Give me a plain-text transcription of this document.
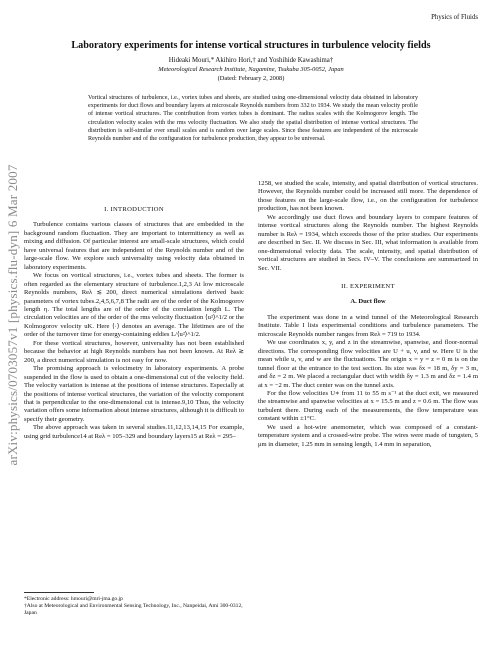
Physics of Fluids
Laboratory experiments for intense vortical structures in turbulence velocity fields
Hideaki Mouri,* Akihiro Hori,† and Yoshihide Kawashima†
Meteorological Research Institute, Nagamine, Tsukuba 305-0052, Japan
(Dated: February 2, 2008)
Vortical structures of turbulence, i.e., vortex tubes and sheets, are studied using one-dimensional velocity data obtained in laboratory experiments for duct flows and boundary layers at microscale Reynolds numbers from 332 to 1934. We study the mean velocity profile of intense vortical structures. The contribution from vortex tubes is dominant. The radius scales with the Kolmogorov length. The circulation velocity scales with the rms velocity fluctuation. We also study the spatial distribution of intense vortical structures. The distribution is self-similar over small scales and is random over large scales. Since these features are independent of the microscale Reynolds number and of the configuration for turbulence production, they appear to be universal.
arXiv:physics/0703057v1 [physics.flu-dyn] 6 Mar 2007	I. INTRODUCTION

Turbulence contains various classes of structures that are embedded in the background random fluctuation. They are important to intermittency as well as mixing and diffusion. Of particular interest are small-scale structures, which could have universal features that are independent of the Reynolds number and of the large-scale flow. We explore such universality using velocity data obtained in laboratory experiments.

We focus on vortical structures, i.e., vortex tubes and sheets. The former is often regarded as the elementary structure of turbulence.1,2,3 At low microscale Reynolds numbers, Reλ ≲ 200, direct numerical simulations derived basic parameters of vortex tubes.2,4,5,6,7,8 The radii are of the order of the Kolmogorov length η. The total lengths are of the order of the correlation length L. The circulation velocities are of the order of the rms velocity fluctuation ⟨u²⟩^1/2 or the Kolmogorov velocity uK. Here ⟨·⟩ denotes an average. The lifetimes are of the order of the turnover time for energy-containing eddies L/⟨u²⟩^1/2.

For these vortical structures, however, universality has not been established because the behavior at high Reynolds numbers has not been known. At Reλ ≳ 200, a direct numerical simulation is not easy for now.

The promising approach is velocimetry in laboratory experiments. A probe suspended in the flow is used to obtain a one-dimensional cut of the velocity field. The velocity variation is intense at the positions of intense structures. Especially at the positions of intense vortical structures, the variation of the velocity component that is perpendicular to the one-dimensional cut is intense.9,10 Thus, the velocity variation offers some information about intense structures, although it is difficult to specify their geometry.

The above approach was taken in several studies.11,12,13,14,15 For example, using grid turbulence14 at Reλ = 105–329 and boundary layers15 at Reλ = 295–

*Electronic address: hmouri@mri-jma.go.jp

†Also at Meteorological and Environmental Sensing Technology, Inc., Nanpeidai, Ami 300-0312, Japan

1258, we studied the scale, intensity, and spatial distribution of vortical structures. However, the Reynolds number could be increased still more. The dependence of those features on the large-scale flow, i.e., on the configuration for turbulence production, has not been known.

We accordingly use duct flows and boundary layers to compare features of intense vortical structures along the Reynolds number. The highest Reynolds number is Reλ = 1934, which exceeds those of the prior studies. Our experiments are described in Sec. II. We discuss in Sec. III, what information is available from one-dimensional velocity data. The scale, intensity, and spatial distribution of vortical structures are studied in Secs. IV–V. The conclusions are summarized in Sec. VII.

II. EXPERIMENT
A. Duct flow

The experiment was done in a wind tunnel of the Meteorological Research Institute. Table I lists experimental conditions and turbulence parameters. The microscale Reynolds number ranges from Reλ = 719 to 1934.

We use coordinates x, y, and z in the streamwise, spanwise, and floor-normal directions. The corresponding flow velocities are U + u, v, and w. Here U is the mean while u, v, and w are the fluctuations. The origin x = y = z = 0 m is on the tunnel floor at the entrance to the test section. Its size was δx = 18 m, δy = 3 m, and δz = 2 m. We placed a rectangular duct with width δy = 1.3 m and δz = 1.4 m at x = −2 m. The duct center was on the tunnel axis.

For the flow velocities U∗ from 11 to 55 m s⁻¹ at the duct exit, we measured the streamwise and spanwise velocities at x = 15.5 m and z = 0.6 m. The flow was turbulent there. During each of the measurements, the flow temperature was constant within ±1°C.

We used a hot-wire anemometer, which was composed of a constant-temperature system and a crossed-wire probe. The wires were made of tungsten, 5 μm in diameter, 1.25 mm in sensing length, 1.4 mm in separation,
